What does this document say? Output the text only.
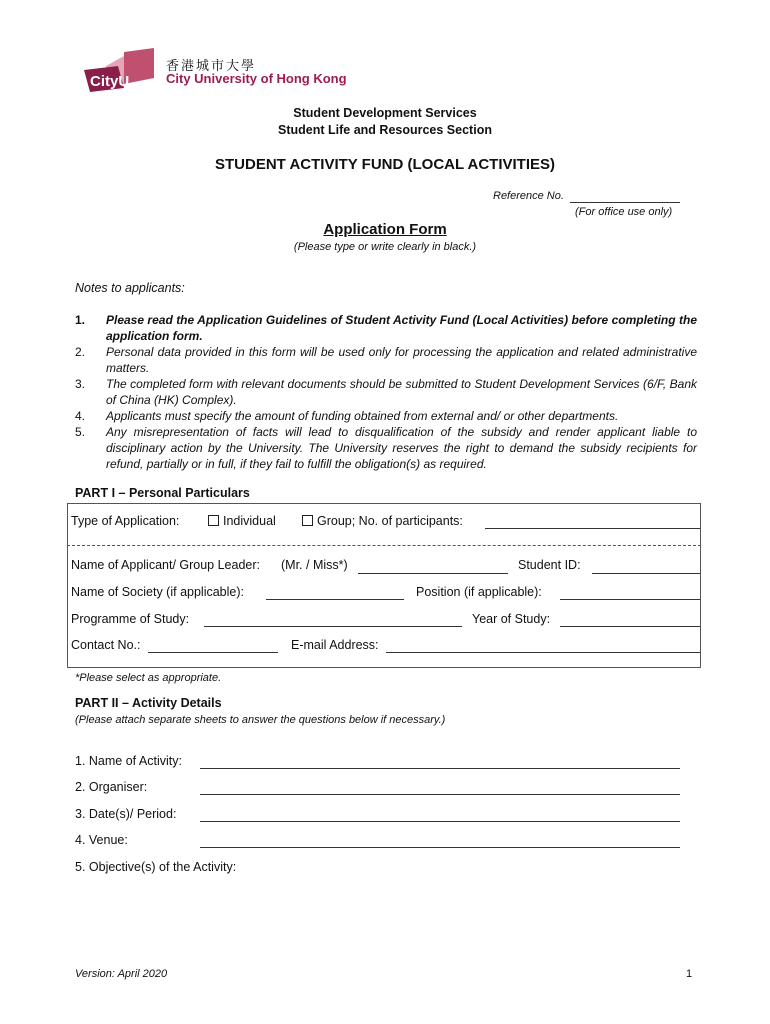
CityU
香港城市大學
City University of Hong Kong
Student Development Services
Student Life and Resources Section
STUDENT ACTIVITY FUND (LOCAL ACTIVITIES)
Reference No.
(For office use only)
Application Form
(Please type or write clearly in black.)
Notes to applicants:
1. Please read the Application Guidelines of Student Activity Fund (Local Activities) before completing the application form.
2. Personal data provided in this form will be used only for processing the application and related administrative matters.
3. The completed form with relevant documents should be submitted to Student Development Services (6/F, Bank of China (HK) Complex).
4. Applicants must specify the amount of funding obtained from external and/ or other departments.
5. Any misrepresentation of facts will lead to disqualification of the subsidy and render applicant liable to disciplinary action by the University. The University reserves the right to demand the subsidy recipients for refund, partially or in full, if they fail to fulfill the obligation(s) as required.
PART I – Personal Particulars
Type of Application:	Individual	Group; No. of participants:
Name of Applicant/ Group Leader: (Mr. / Miss*)	Student ID:
Name of Society (if applicable):	Position (if applicable):
Programme of Study:	Year of Study:
Contact No.:	E-mail Address:
*Please select as appropriate.
PART II – Activity Details
(Please attach separate sheets to answer the questions below if necessary.)
1. Name of Activity:
2. Organiser:
3. Date(s)/ Period:
4. Venue:
5. Objective(s) of the Activity:
Version: April 2020	1
